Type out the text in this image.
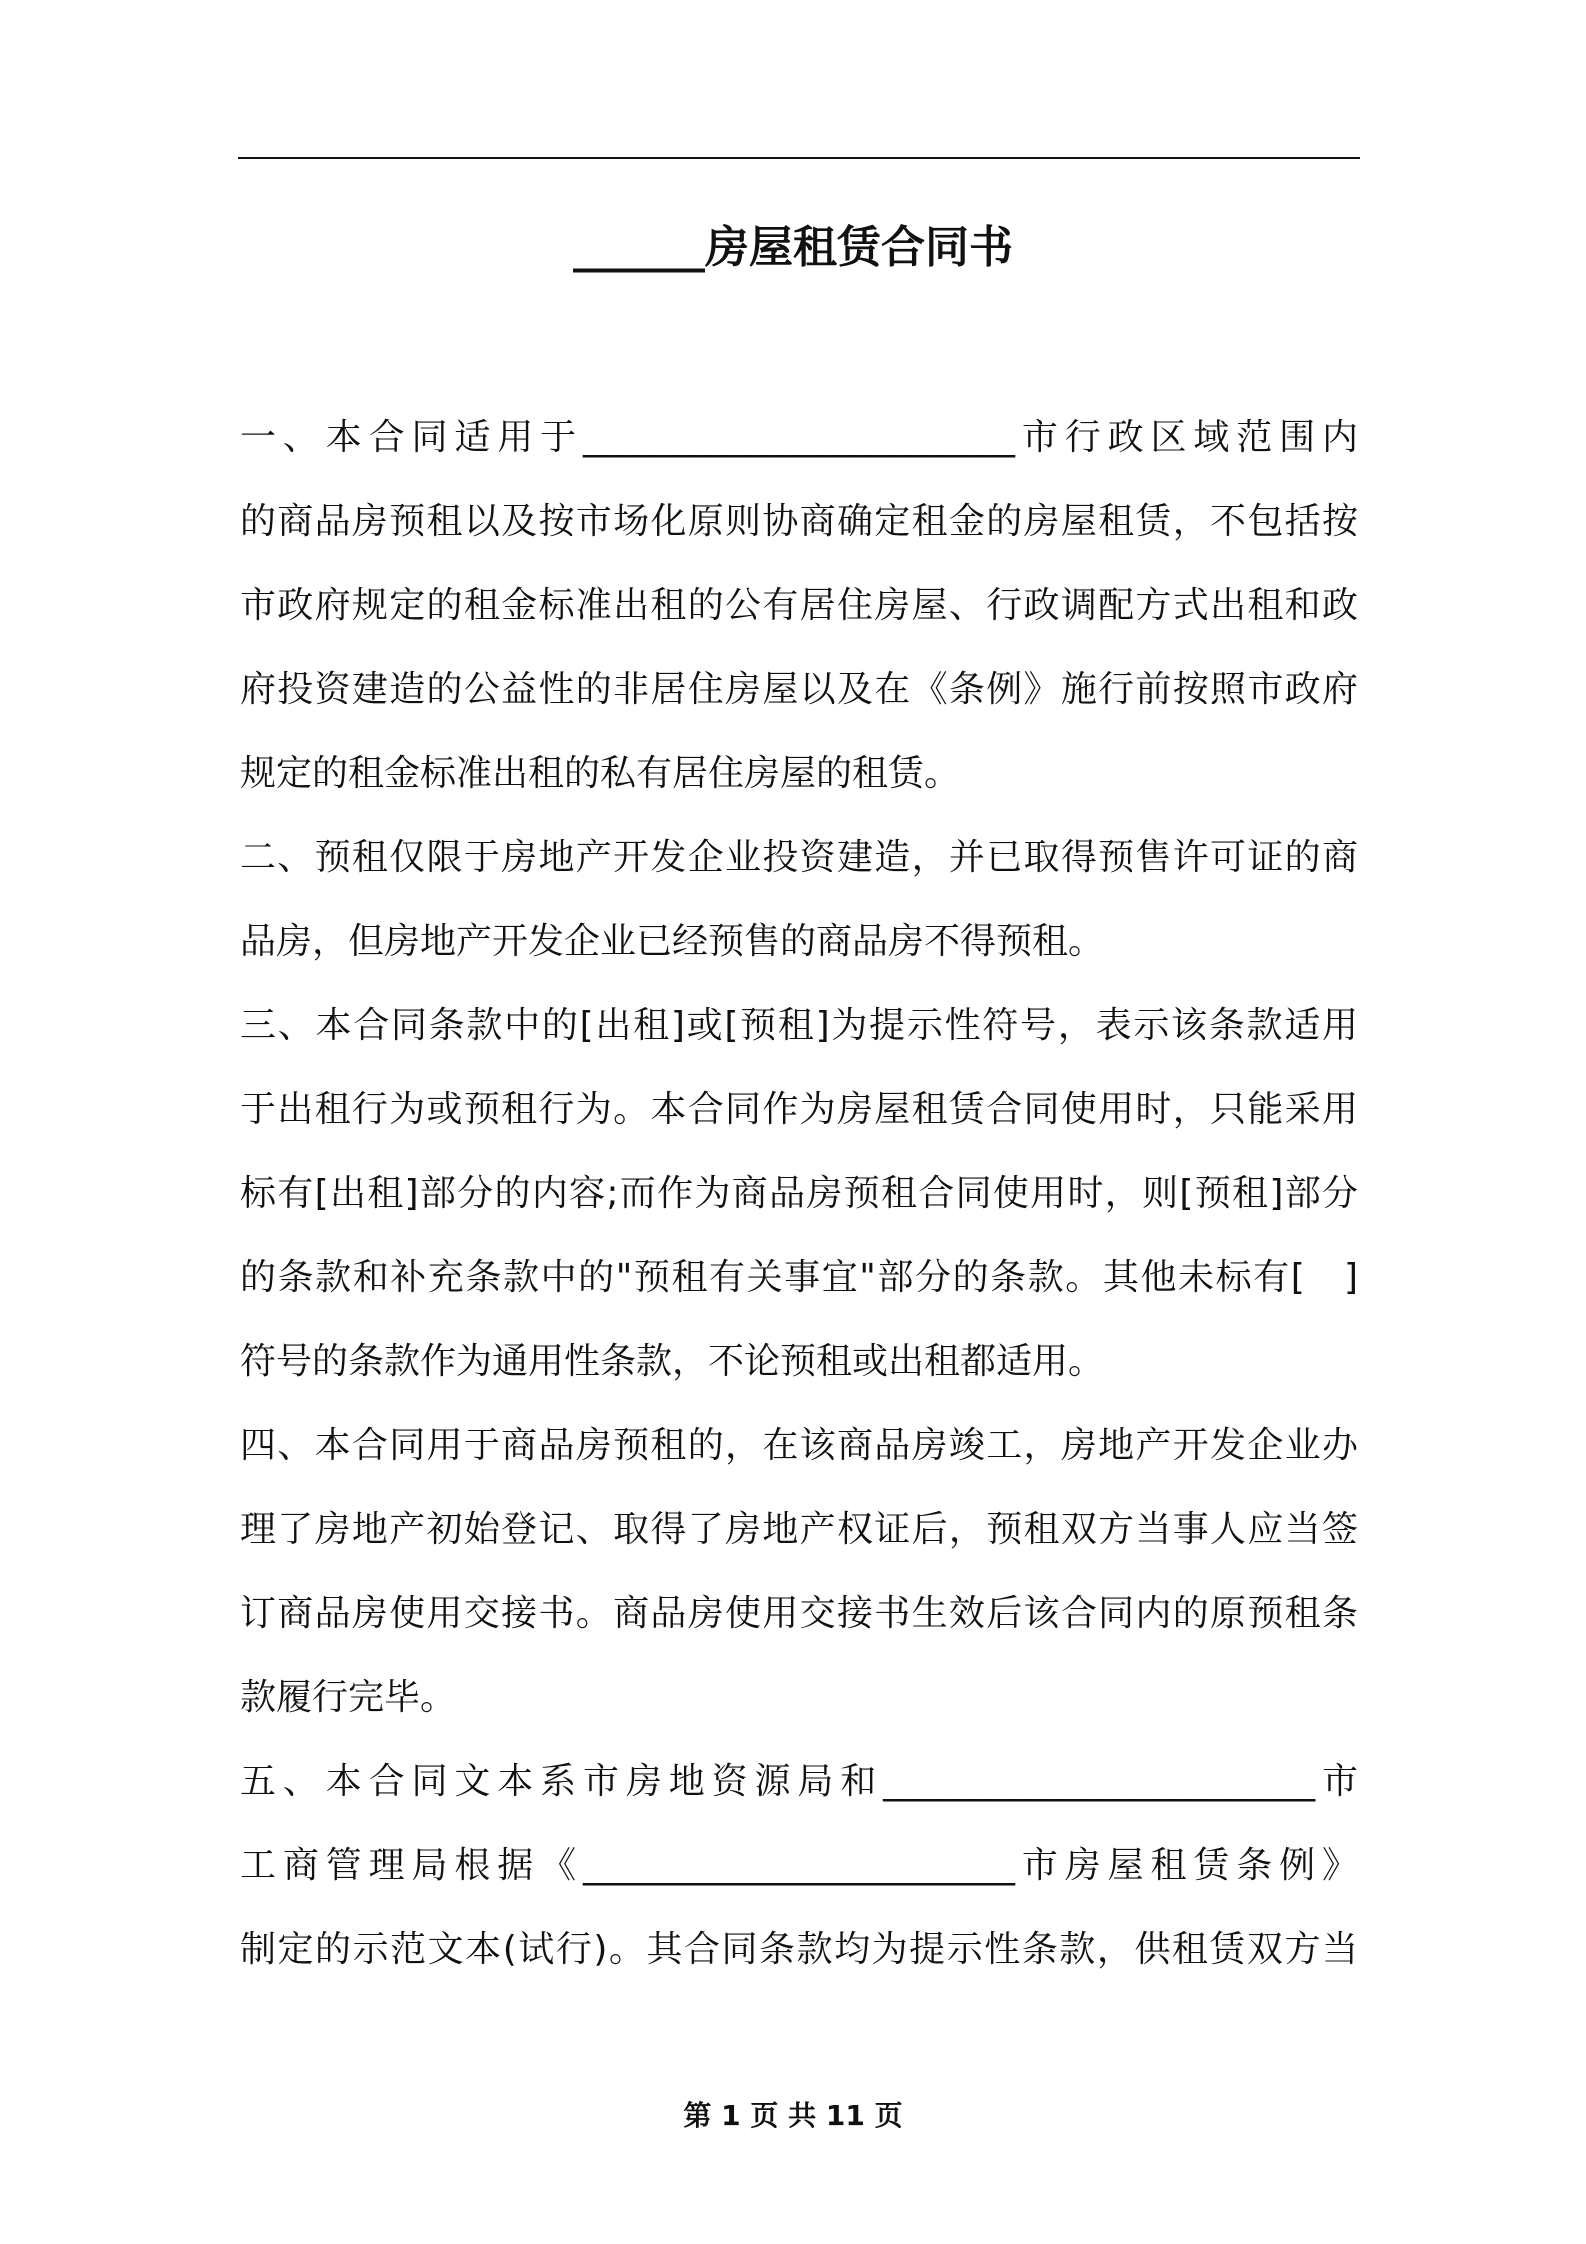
______房屋租赁合同书
一、本合同适用于________________________市行政区域范围内
的商品房预租以及按市场化原则协商确定租金的房屋租赁，不包括按
市政府规定的租金标准出租的公有居住房屋、行政调配方式出租和政
府投资建造的公益性的非居住房屋以及在《条例》施行前按照市政府
规定的租金标准出租的私有居住房屋的租赁。
二、预租仅限于房地产开发企业投资建造，并已取得预售许可证的商
品房，但房地产开发企业已经预售的商品房不得预租。
三、本合同条款中的[出租]或[预租]为提示性符号，表示该条款适用
于出租行为或预租行为。本合同作为房屋租赁合同使用时，只能采用
标有[出租]部分的内容;而作为商品房预租合同使用时，则[预租]部分
的条款和补充条款中的"预租有关事宜"部分的条款。其他未标有[　]
符号的条款作为通用性条款，不论预租或出租都适用。
四、本合同用于商品房预租的，在该商品房竣工，房地产开发企业办
理了房地产初始登记、取得了房地产权证后，预租双方当事人应当签
订商品房使用交接书。商品房使用交接书生效后该合同内的原预租条
款履行完毕。
五、本合同文本系市房地资源局和________________________市
工商管理局根据《________________________市房屋租赁条例》
制定的示范文本(试行)。其合同条款均为提示性条款，供租赁双方当
第 1 页 共 11 页
